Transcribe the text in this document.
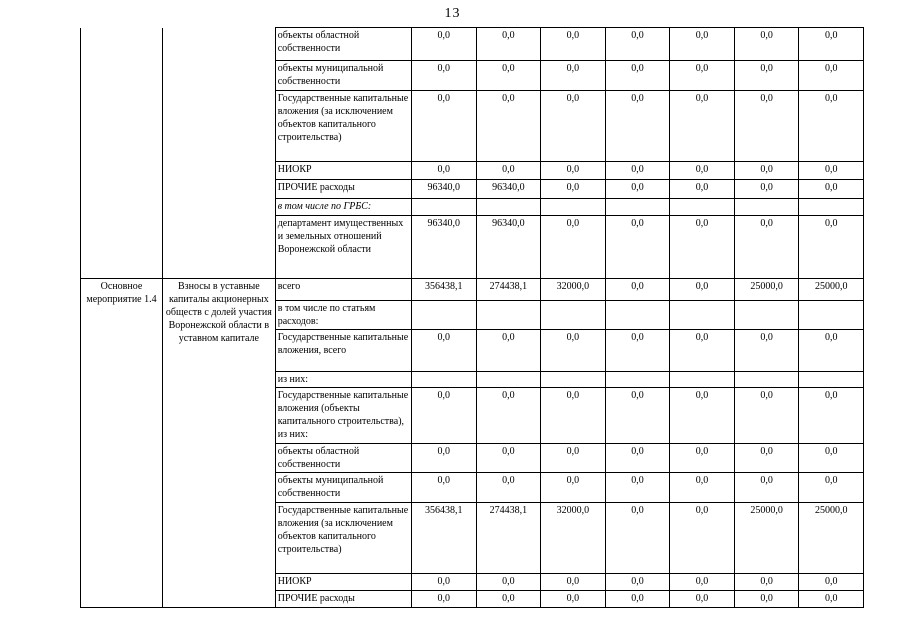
13
		объекты областной собственности	0,0	0,0	0,0	0,0	0,0	0,0	0,0
		объекты муниципальной собственности	0,0	0,0	0,0	0,0	0,0	0,0	0,0
		Государственные капитальные вложения (за исключением объектов капитального строительства)	0,0	0,0	0,0	0,0	0,0	0,0	0,0
		НИОКР	0,0	0,0	0,0	0,0	0,0	0,0	0,0
		ПРОЧИЕ расходы	96340,0	96340,0	0,0	0,0	0,0	0,0	0,0
		в том числе по ГРБС:							
		департамент имущественных и земельных отношений Воронежской области	96340,0	96340,0	0,0	0,0	0,0	0,0	0,0
Основное мероприятие 1.4	Взносы в уставные капиталы акционерных обществ с долей участия Воронежской области в уставном капитале	всего	356438,1	274438,1	32000,0	0,0	0,0	25000,0	25000,0
		в том числе по статьям расходов:							
		Государственные капитальные вложения, всего	0,0	0,0	0,0	0,0	0,0	0,0	0,0
		из них:							
		Государственные капитальные вложения (объекты капитального строительства), из них:	0,0	0,0	0,0	0,0	0,0	0,0	0,0
		объекты областной собственности	0,0	0,0	0,0	0,0	0,0	0,0	0,0
		объекты муниципальной собственности	0,0	0,0	0,0	0,0	0,0	0,0	0,0
		Государственные капитальные вложения (за исключением объектов капитального строительства)	356438,1	274438,1	32000,0	0,0	0,0	25000,0	25000,0
		НИОКР	0,0	0,0	0,0	0,0	0,0	0,0	0,0
		ПРОЧИЕ расходы	0,0	0,0	0,0	0,0	0,0	0,0	0,0
